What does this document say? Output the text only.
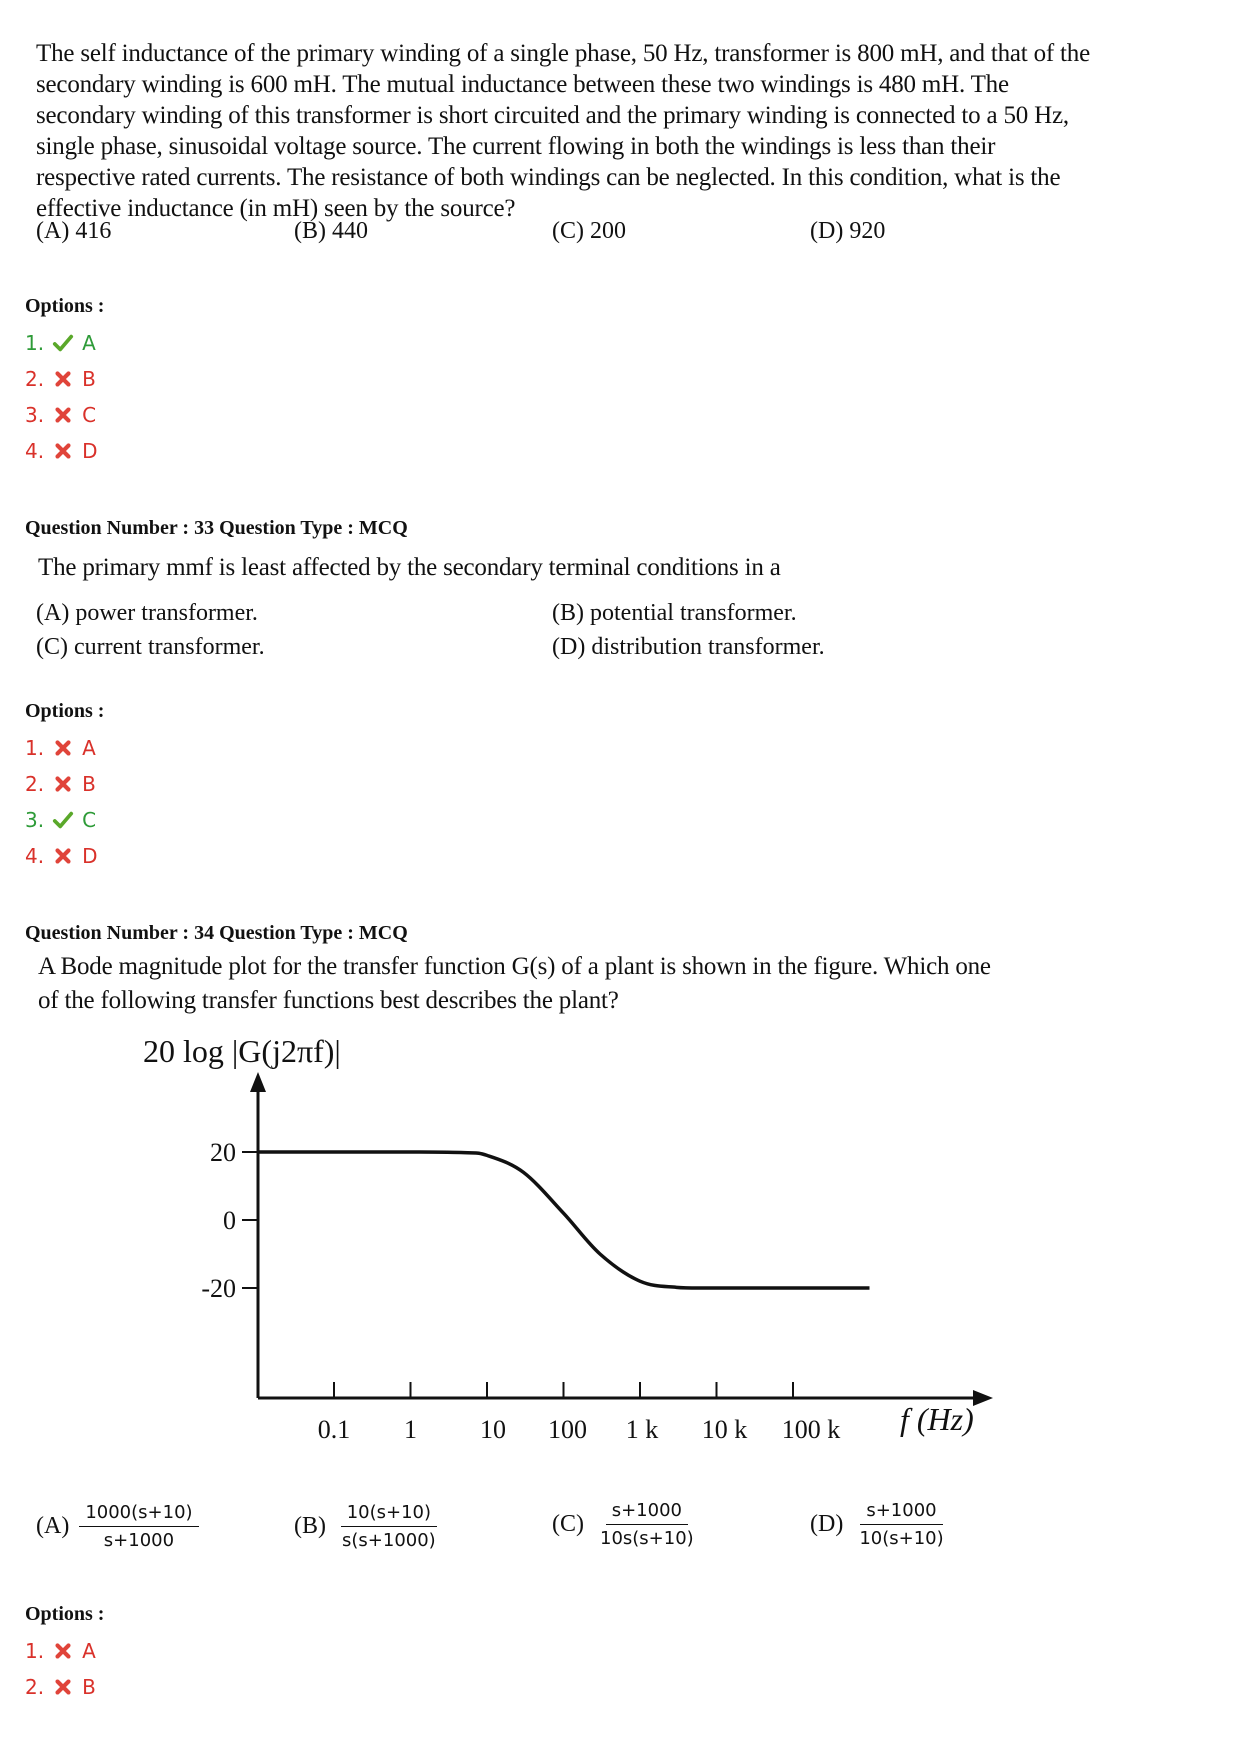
The self inductance of the primary winding of a single phase, 50 Hz, transformer is 800 mH, and that of the secondary winding is 600 mH. The mutual inductance between these two windings is 480 mH. The secondary winding of this transformer is short circuited and the primary winding is connected to a 50 Hz, single phase, sinusoidal voltage source. The current flowing in both the windings is less than their respective rated currents. The resistance of both windings can be neglected. In this condition, what is the effective inductance (in mH) seen by the source?
(A) 416	(B) 440	(C) 200	(D) 920
Options :
1. A
2. B
3. C
4. D
Question Number : 33 Question Type : MCQ
The primary mmf is least affected by the secondary terminal conditions in a
(A) power transformer.	(B) potential transformer.
(C) current transformer.	(D) distribution transformer.
Options :
1. A
2. B
3. C
4. D
Question Number : 34 Question Type : MCQ
A Bode magnitude plot for the transfer function G(s) of a plant is shown in the figure. Which one
of the following transfer functions best describes the plant?
20 log |G(j2πf)|
20
0
-20
0.1 1 10 100 1 k 10 k 100 k f (Hz)
$(A) \frac{1000(s+10)}{s+1000}$	$(B) \frac{10(s+10)}{s(s+1000)}$	$(C) \frac{s+1000}{10s(s+10)}$	$(D) \frac{s+1000}{10(s+10)}$
Options :
1. A
2. B
